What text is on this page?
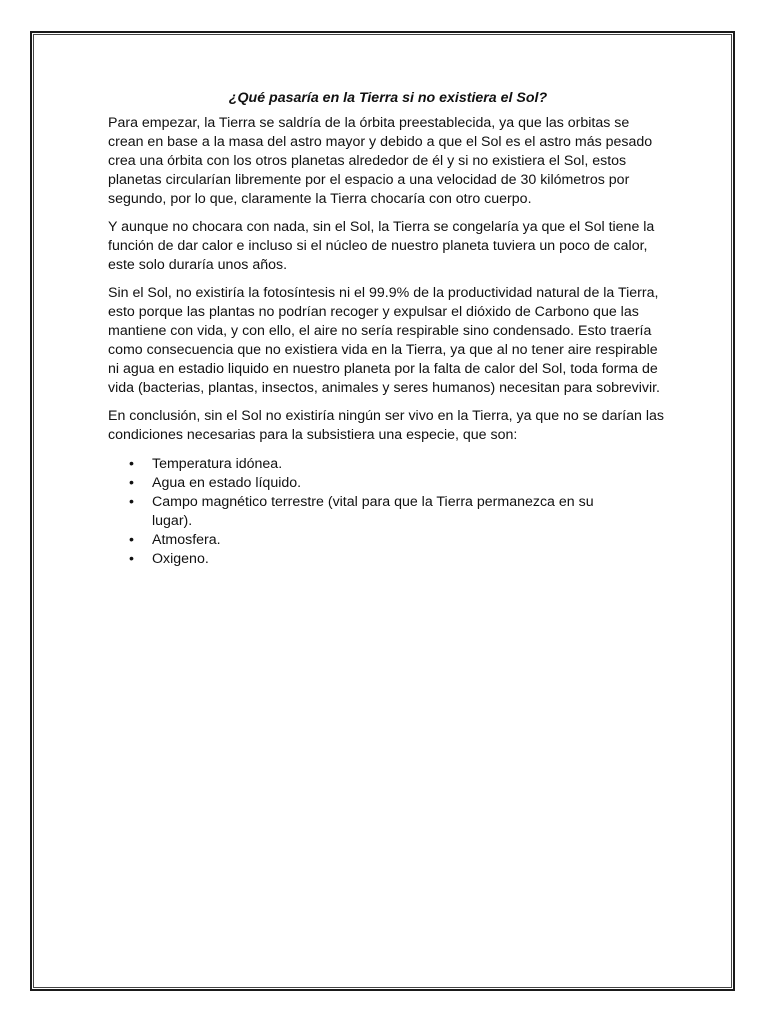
¿Qué pasaría en la Tierra si no existiera el Sol?

Para empezar, la Tierra se saldría de la órbita preestablecida, ya que las orbitas se crean en base a la masa del astro mayor y debido a que el Sol es el astro más pesado crea una órbita con los otros planetas alrededor de él y si no existiera el Sol, estos planetas circularían libremente por el espacio a una velocidad de 30 kilómetros por segundo, por lo que, claramente la Tierra chocaría con otro cuerpo.

Y aunque no chocara con nada, sin el Sol, la Tierra se congelaría ya que el Sol tiene la función de dar calor e incluso si el núcleo de nuestro planeta tuviera un poco de calor, este solo duraría unos años.

Sin el Sol, no existiría la fotosíntesis ni el 99.9% de la productividad natural de la Tierra, esto porque las plantas no podrían recoger y expulsar el dióxido de Carbono que las mantiene con vida, y con ello, el aire no sería respirable sino condensado. Esto traería como consecuencia que no existiera vida en la Tierra, ya que al no tener aire respirable ni agua en estadio liquido en nuestro planeta por la falta de calor del Sol, toda forma de vida (bacterias, plantas, insectos, animales y seres humanos) necesitan para sobrevivir.

En conclusión, sin el Sol no existiría ningún ser vivo en la Tierra, ya que no se darían las condiciones necesarias para la subsistiera una especie, que son:

• Temperatura idónea.
• Agua en estado líquido.
• Campo magnético terrestre (vital para que la Tierra permanezca en su lugar).
• Atmosfera.
• Oxigeno.
